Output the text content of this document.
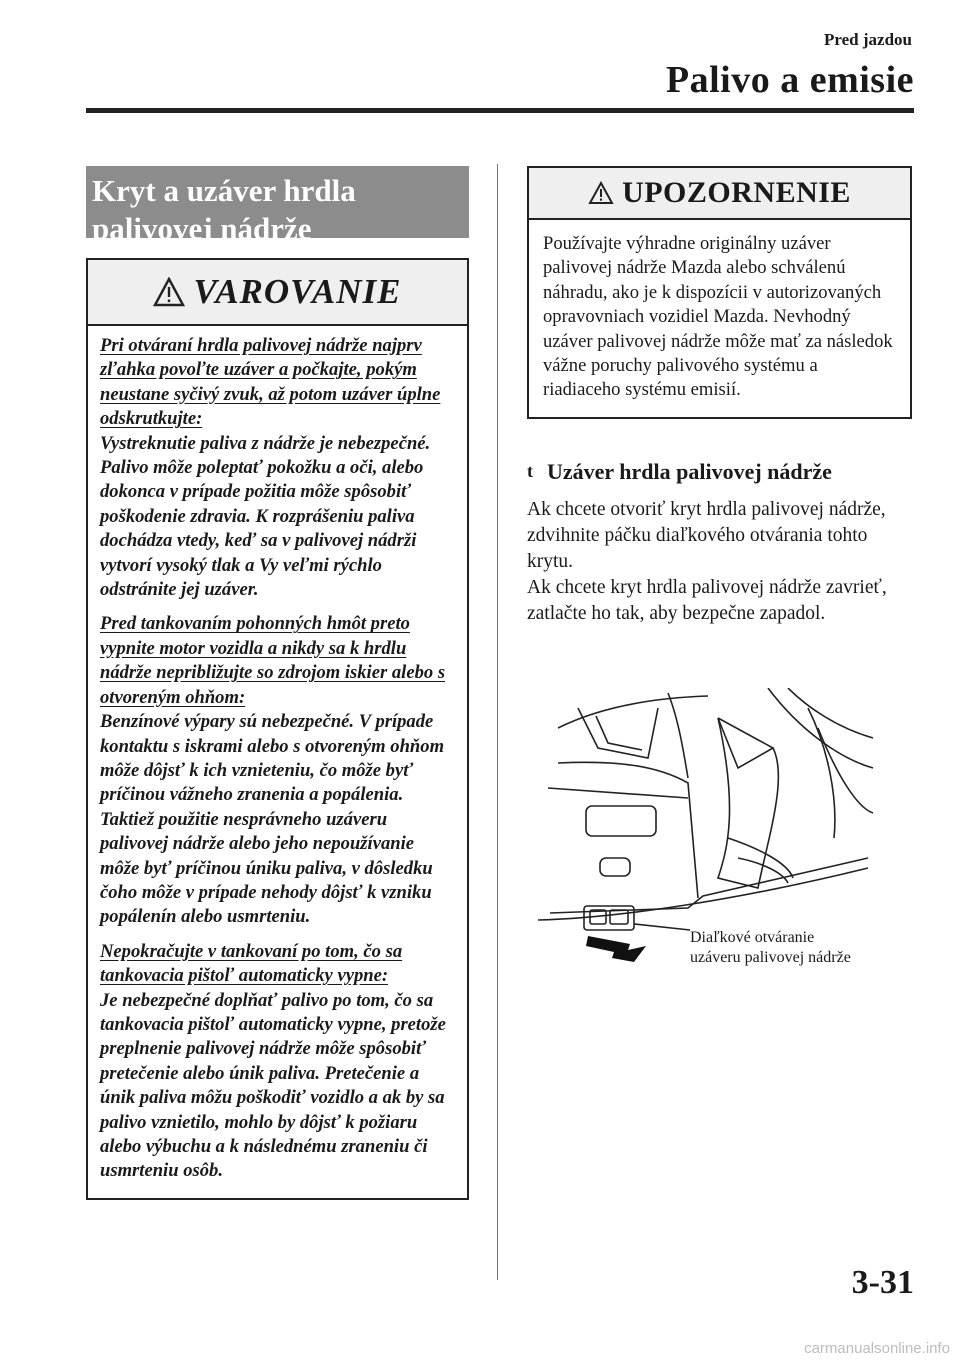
Pred jazdou
Palivo a emisie
Kryt a uzáver hrdla palivovej nádrže
VAROVANIE

Pri otváraní hrdla palivovej nádrže najprv zľahka povoľte uzáver a počkajte, pokým neustane syčivý zvuk, až potom uzáver úplne odskrutkujte:
Vystreknutie paliva z nádrže je nebezpečné. Palivo môže poleptať pokožku a oči, alebo dokonca v prípade požitia môže spôsobiť poškodenie zdravia. K rozprášeniu paliva dochádza vtedy, keď sa v palivovej nádrži vytvorí vysoký tlak a Vy veľmi rýchlo odstránite jej uzáver.

Pred tankovaním pohonných hmôt preto vypnite motor vozidla a nikdy sa k hrdlu nádrže nepribližujte so zdrojom iskier alebo s otvoreným ohňom:
Benzínové výpary sú nebezpečné. V prípade kontaktu s iskrami alebo s otvoreným ohňom môže dôjsť k ich vznieteniu, čo môže byť príčinou vážneho zranenia a popálenia. Taktiež použitie nesprávneho uzáveru palivovej nádrže alebo jeho nepoužívanie môže byť príčinou úniku paliva, v dôsledku čoho môže v prípade nehody dôjsť k vzniku popálenín alebo usmrteniu.

Nepokračujte v tankovaní po tom, čo sa tankovacia pištoľ automaticky vypne:
Je nebezpečné doplňať palivo po tom, čo sa tankovacia pištoľ automaticky vypne, pretože preplnenie palivovej nádrže môže spôsobiť pretečenie alebo únik paliva. Pretečenie a únik paliva môžu poškodiť vozidlo a ak by sa palivo vznietilo, mohlo by dôjsť k požiaru alebo výbuchu a k následnému zraneniu či usmrteniu osôb.

UPOZORNENIE
Používajte výhradne originálny uzáver palivovej nádrže Mazda alebo schválenú náhradu, ako je k dispozícii v autorizovaných opravovniach vozidiel Mazda. Nevhodný uzáver palivovej nádrže môže mať za následok vážne poruchy palivového systému a riadiaceho systému emisií.
t Uzáver hrdla palivovej nádrže
Ak chcete otvoriť kryt hrdla palivovej nádrže, zdvihnite páčku diaľkového otvárania tohto krytu.
Ak chcete kryt hrdla palivovej nádrže zavrieť, zatlačte ho tak, aby bezpečne zapadol.
Diaľkové otváranie
uzáveru palivovej nádrže
3-31
carmanualsonline.info
